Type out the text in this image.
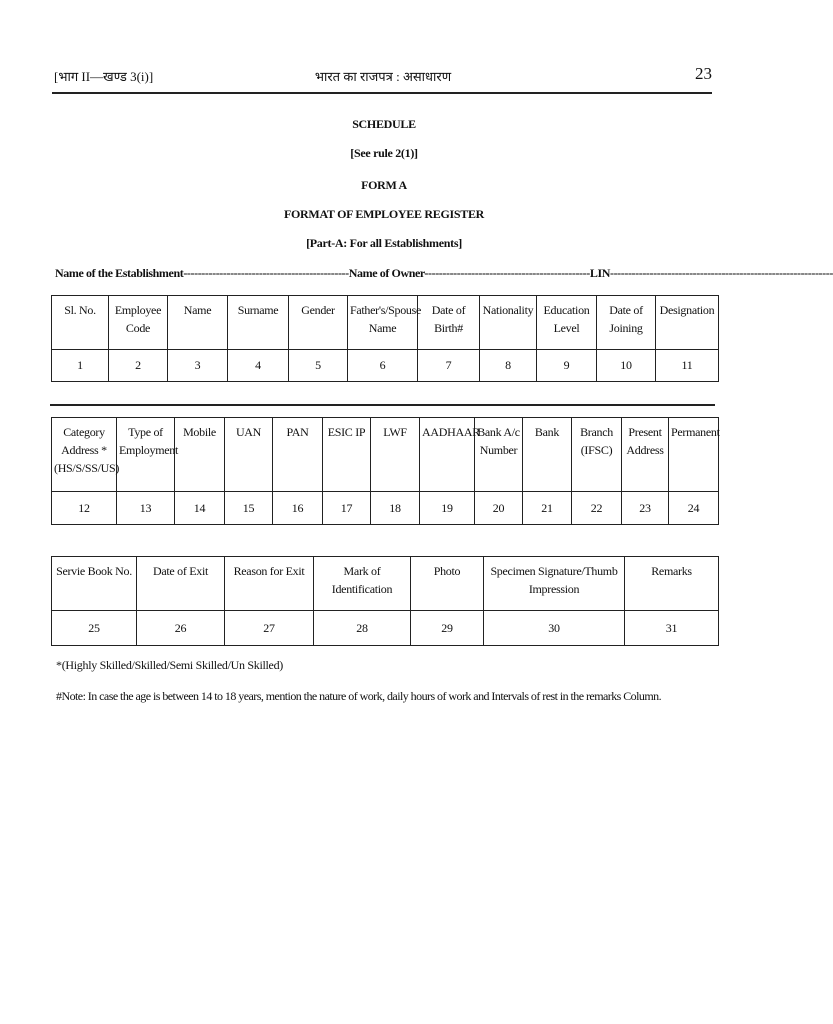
[भाग II—खण्ड 3(i)]	भारत का राजपत्र : असाधारण	23
SCHEDULE
[See rule 2(1)]
FORM A
FORMAT OF EMPLOYEE REGISTER
[Part-A: For all Establishments]
Name of the Establishment----------------------------------------------Name of Owner----------------------------------------------LIN--------------------------------------------------------------
Sl. No.	Employee Code	Name	Surname	Gender	Father's/Spouse Name	Date of Birth#	Nationality	Education Level	Date of Joining	Designation
1	2	3	4	5	6	7	8	9	10	11
Category Address *(HS/S/SS/US)	Type of Employment	Mobile	UAN	PAN	ESIC IP	LWF	AADHAAR	Bank A/c Number	Bank	Branch (IFSC)	Present Address	Permanent
12	13	14	15	16	17	18	19	20	21	22	23	24
Servie Book No.	Date of Exit	Reason for Exit	Mark of Identification	Photo	Specimen Signature/Thumb Impression	Remarks
25	26	27	28	29	30	31
*(Highly Skilled/Skilled/Semi Skilled/Un Skilled)
#Note: In case the age is between 14 to 18 years, mention the nature of work, daily hours of work and Intervals of rest in the remarks Column.
